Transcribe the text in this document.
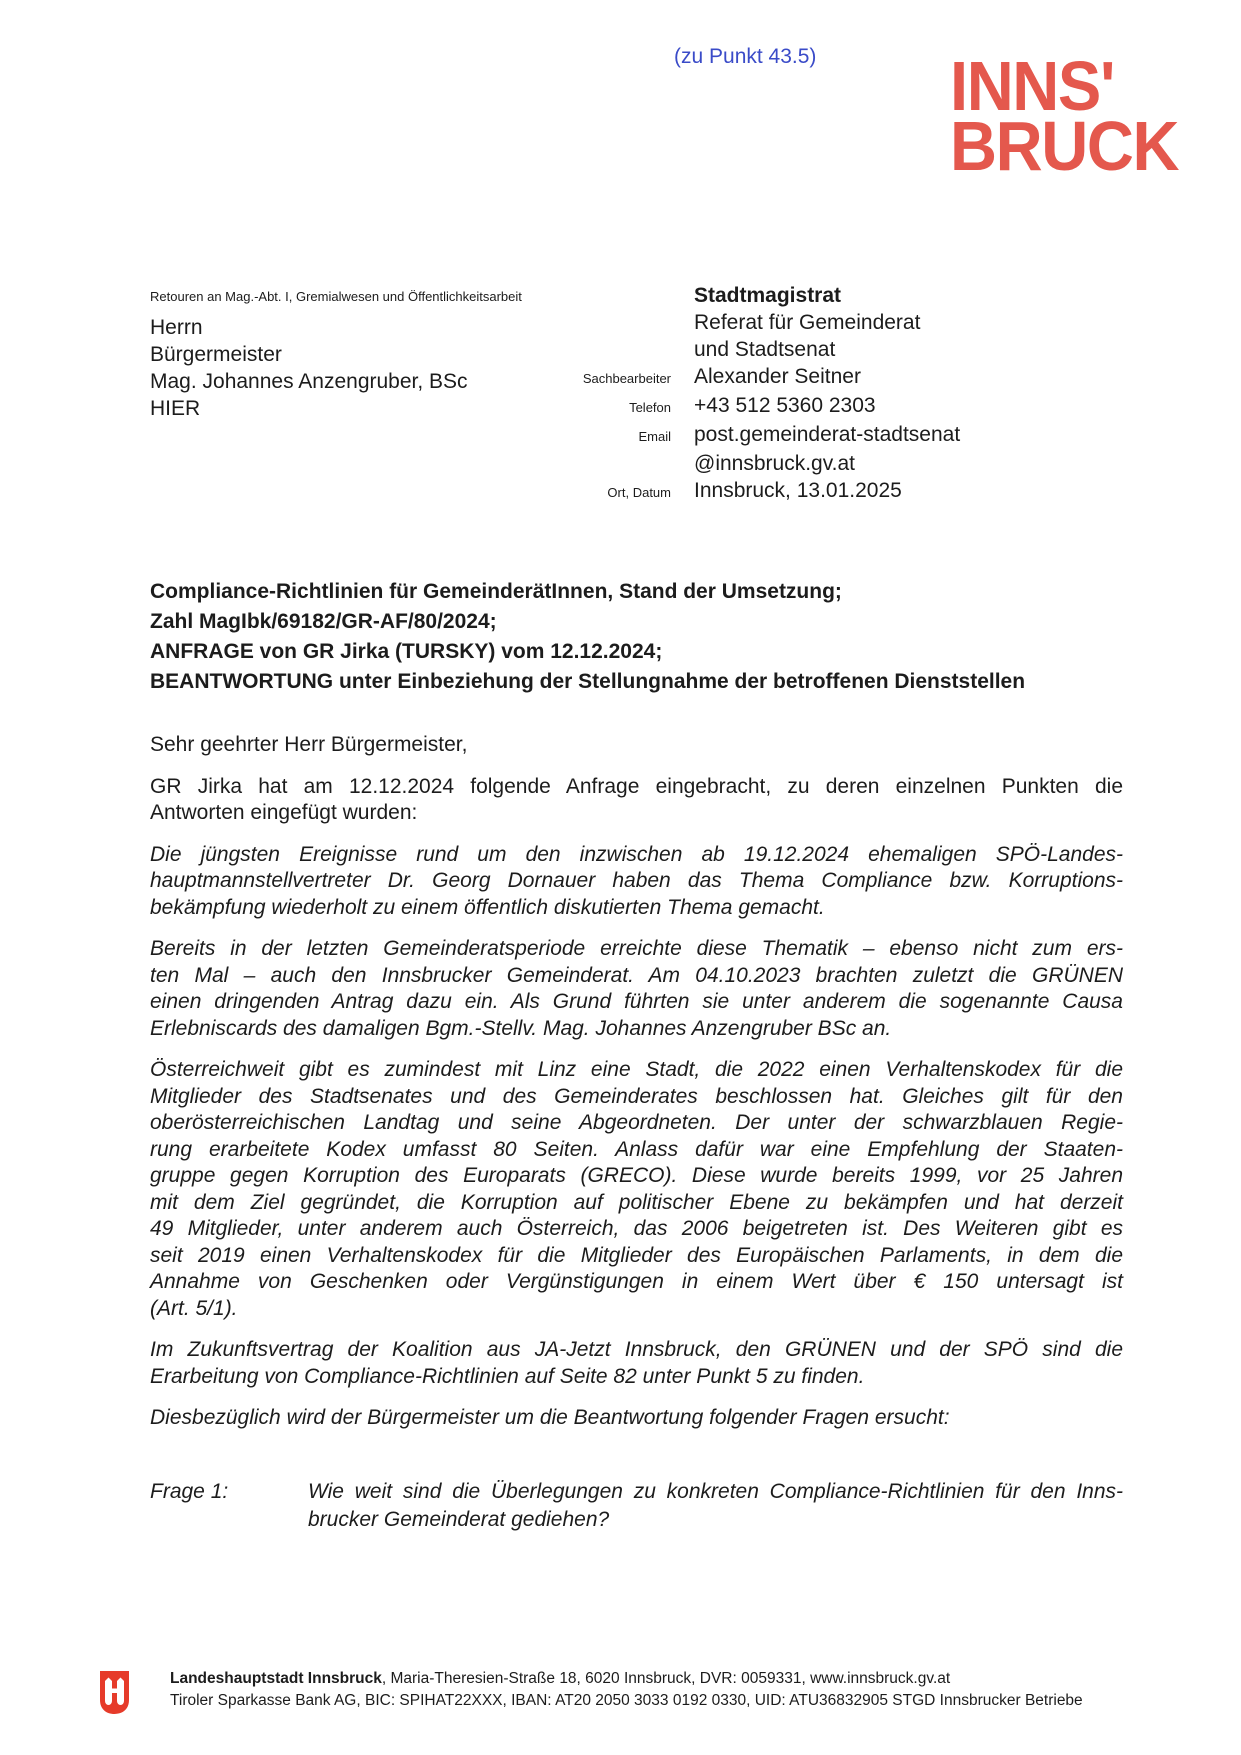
(zu Punkt 43.5) INNS'
BRUCK
Retouren an Mag.-Abt. I, Gremialwesen und Öffentlichkeitsarbeit
Herrn
Bürgermeister
Mag. Johannes Anzengruber, BSc
HIER
Stadtmagistrat
Referat für Gemeinderat
und Stadtsenat
Sachbearbeiter	Alexander Seitner
Telefon	+43 512 5360 2303
Email	post.gemeinderat-stadtsenat
@innsbruck.gv.at
Ort, Datum	Innsbruck, 13.01.2025
Compliance-Richtlinien für GemeinderätInnen, Stand der Umsetzung;
Zahl MagIbk/69182/GR-AF/80/2024;
ANFRAGE von GR Jirka (TURSKY) vom 12.12.2024;
BEANTWORTUNG unter Einbeziehung der Stellungnahme der betroffenen Dienststellen
Sehr geehrter Herr Bürgermeister,
GR Jirka hat am 12.12.2024 folgende Anfrage eingebracht, zu deren einzelnen Punkten die
Antworten eingefügt wurden:
Die jüngsten Ereignisse rund um den inzwischen ab 19.12.2024 ehemaligen SPÖ-Landes-
hauptmannstellvertreter Dr. Georg Dornauer haben das Thema Compliance bzw. Korruptions-
bekämpfung wiederholt zu einem öffentlich diskutierten Thema gemacht.
Bereits in der letzten Gemeinderatsperiode erreichte diese Thematik – ebenso nicht zum ers-
ten Mal – auch den Innsbrucker Gemeinderat. Am 04.10.2023 brachten zuletzt die GRÜNEN
einen dringenden Antrag dazu ein. Als Grund führten sie unter anderem die sogenannte Causa
Erlebniscards des damaligen Bgm.-Stellv. Mag. Johannes Anzengruber BSc an.
Österreichweit gibt es zumindest mit Linz eine Stadt, die 2022 einen Verhaltenskodex für die
Mitglieder des Stadtsenates und des Gemeinderates beschlossen hat. Gleiches gilt für den
oberösterreichischen Landtag und seine Abgeordneten. Der unter der schwarzblauen Regie-
rung erarbeitete Kodex umfasst 80 Seiten. Anlass dafür war eine Empfehlung der Staaten-
gruppe gegen Korruption des Europarats (GRECO). Diese wurde bereits 1999, vor 25 Jahren
mit dem Ziel gegründet, die Korruption auf politischer Ebene zu bekämpfen und hat derzeit
49 Mitglieder, unter anderem auch Österreich, das 2006 beigetreten ist. Des Weiteren gibt es
seit 2019 einen Verhaltenskodex für die Mitglieder des Europäischen Parlaments, in dem die
Annahme von Geschenken oder Vergünstigungen in einem Wert über € 150 untersagt ist
(Art. 5/1).
Im Zukunftsvertrag der Koalition aus JA-Jetzt Innsbruck, den GRÜNEN und der SPÖ sind die
Erarbeitung von Compliance-Richtlinien auf Seite 82 unter Punkt 5 zu finden.
Diesbezüglich wird der Bürgermeister um die Beantwortung folgender Fragen ersucht:
Frage 1:	Wie weit sind die Überlegungen zu konkreten Compliance-Richtlinien für den Inns-
brucker Gemeinderat gediehen?
Landeshauptstadt Innsbruck, Maria-Theresien-Straße 18, 6020 Innsbruck, DVR: 0059331, www.innsbruck.gv.at
Tiroler Sparkasse Bank AG, BIC: SPIHAT22XXX, IBAN: AT20 2050 3033 0192 0330, UID: ATU36832905 STGD Innsbrucker Betriebe
